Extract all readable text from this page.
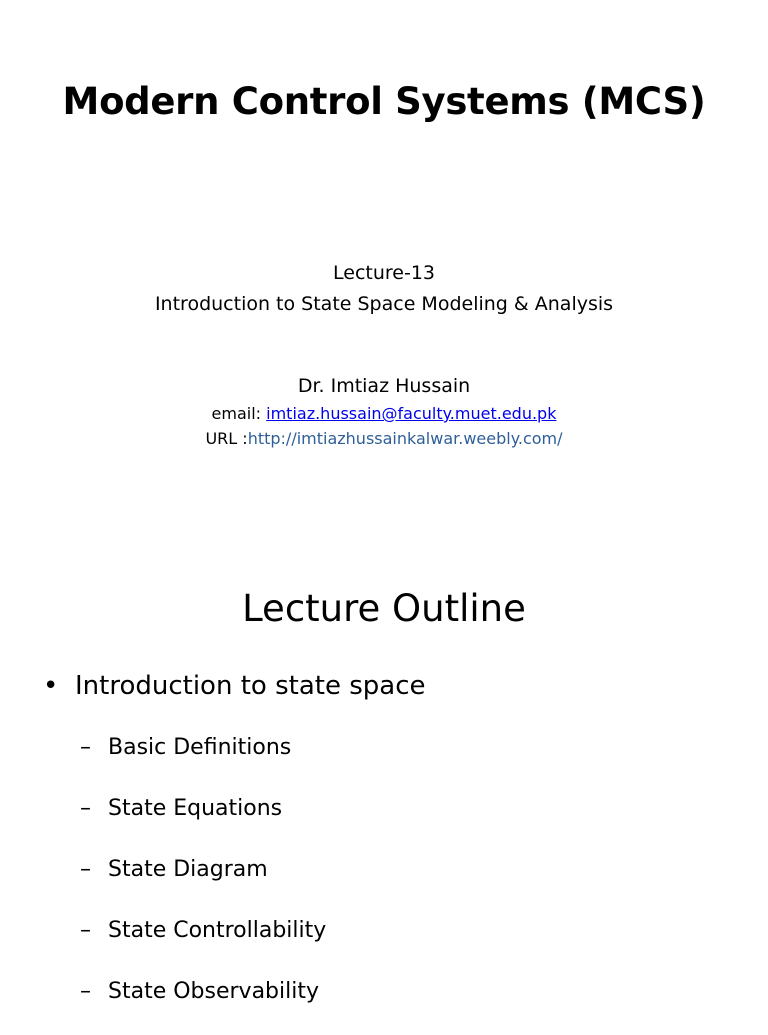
Modern Control Systems (MCS)
Lecture-13
Introduction to State Space Modeling & Analysis
Dr. Imtiaz Hussain
email: imtiaz.hussain@faculty.muet.edu.pk
URL :http://imtiazhussainkalwar.weebly.com/
Lecture Outline
• Introduction to state space
– Basic Definitions
– State Equations
– State Diagram
– State Controllability
– State Observability
